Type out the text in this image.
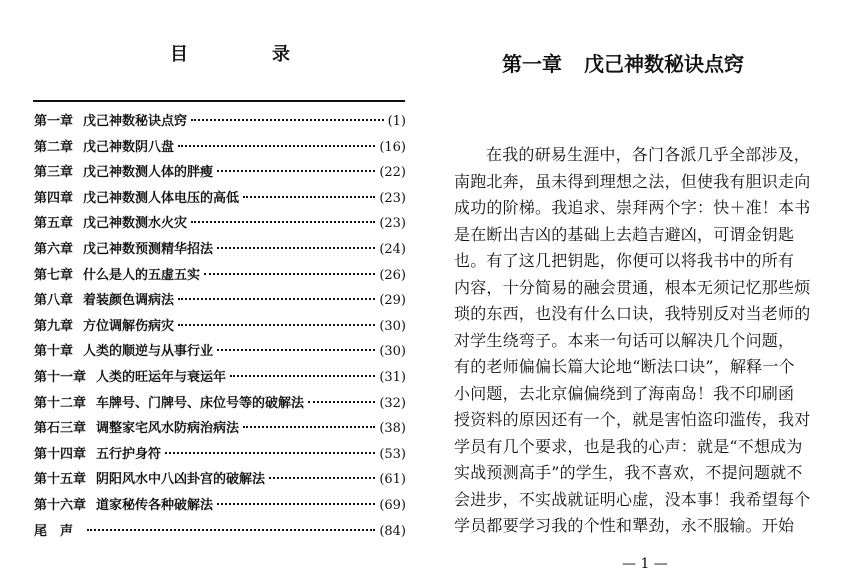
目	录
第一章 戊己神数秘诀点窍	(1)
第二章 戊己神数阴八盘	(16)
第三章 戊己神数测人体的胖瘦	(22)
第四章 戊己神数测人体电压的高低	(23)
第五章 戊己神数测水火灾	(23)
第六章 戊己神数预测精华招法	(24)
第七章 什么是人的五虚五实	(26)
第八章 着装颜色调病法	(29)
第九章 方位调解伤病灾	(30)
第十章 人类的顺逆与从事行业	(30)
第十一章 人类的旺运年与衰运年	(31)
第十二章 车牌号、门牌号、床位号等的破解法	(32)
第石三章 调整家宅风水防病治病法	(38)
第十四章 五行护身符	(53)
第十五章 阴阳风水中八凶卦宫的破解法	(61)
第十六章 道家秘传各种破解法	(69)
尾　声	(84)
第一章 戊己神数秘诀点窍
在我的研易生涯中，各门各派几乎全部涉及，
南跑北奔，虽未得到理想之法，但使我有胆识走向
成功的阶梯。我追求、崇拜两个字：快＋准！本书
是在断出吉凶的基础上去趋吉避凶，可谓金钥匙
也。有了这几把钥匙，你便可以将我书中的所有
内容，十分简易的融会贯通，根本无须记忆那些烦
琐的东西，也没有什么口诀，我特别反对当老师的
对学生绕弯子。本来一句话可以解决几个问题，
有的老师偏偏长篇大论地“断法口诀”，解释一个
小问题，去北京偏偏绕到了海南岛！我不印刷函
授资料的原因还有一个，就是害怕盗印滥传，我对
学员有几个要求，也是我的心声：就是“不想成为
实战预测高手”的学生，我不喜欢，不提问题就不
会进步，不实战就证明心虚，没本事！我希望每个
学员都要学习我的个性和犟劲，永不服输。开始
— 1 —
